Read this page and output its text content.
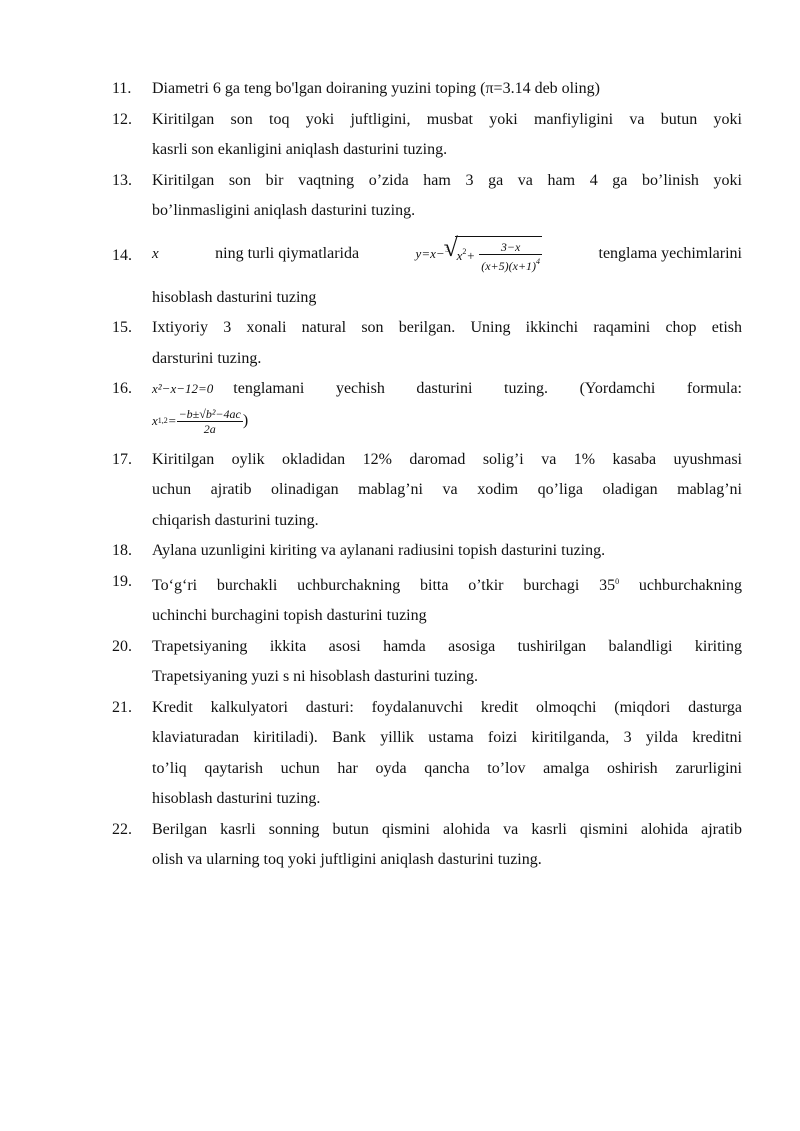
11.	Diametri 6 ga teng bo'lgan doiraning yuzini toping (π=3.14 deb oling)
12.	Kiritilgan son toq yoki juftligini, musbat yoki manfiyligini va butun yoki
kasrli son ekanligini aniqlash dasturini tuzing.
13.	Kiritilgan son bir vaqtning o’zida ham 3 ga va ham 4 ga bo’linish yoki
bo’linmasligini aniqlash dasturini tuzing.
14.	x	ning turli qiymatlarida	y=x−
√ 3 $x^2+ \frac{3-x}{(x+5)(x+1)^4}$	tenglama yechimlarini
hisoblash dasturini tuzing
15.	Ixtiyoriy 3 xonali natural son berilgan. Uning ikkinchi raqamini chop etish
darsturini tuzing.
16.	x²−x−12=0 tenglamani yechish dasturini tuzing. (Yordamchi formula:
x $1,2 = \frac{\text{−b±√b²−4ac}}{2a}$ )
17.	Kiritilgan oylik okladidan 12% daromad solig’i va 1% kasaba uyushmasi
uchun ajratib olinadigan mablag’ni va xodim qo’liga oladigan mablag’ni
chiqarish dasturini tuzing.
18.	Aylana uzunligini kiriting va aylanani radiusini topish dasturini tuzing.
19.	To‘g‘ri burchakli uchburchakning bitta o’tkir burchagi $35^0$ uchburchakning
uchinchi burchagini topish dasturini tuzing
20.	Trapetsiyaning ikkita asosi hamda asosiga tushirilgan balandligi kiriting
Trapetsiyaning yuzi s ni hisoblash dasturini tuzing.
21.	Kredit kalkulyatori dasturi: foydalanuvchi kredit olmoqchi (miqdori dasturga
klaviaturadan kiritiladi). Bank yillik ustama foizi kiritilganda, 3 yilda kreditni
to’liq qaytarish uchun har oyda qancha to’lov amalga oshirish zarurligini
hisoblash dasturini tuzing.
22.	Berilgan kasrli sonning butun qismini alohida va kasrli qismini alohida ajratib
olish va ularning toq yoki juftligini aniqlash dasturini tuzing.
